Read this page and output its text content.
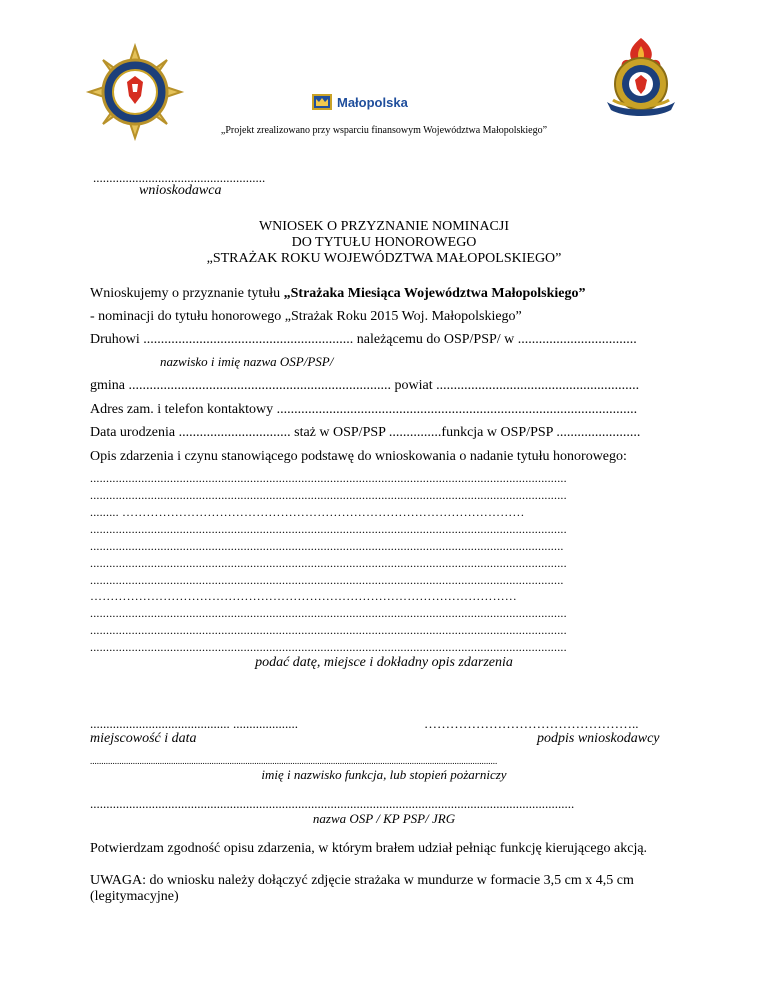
Małopolska
„Projekt zrealizowano przy wsparciu finansowym Województwa Małopolskiego”
.....................................................
wnioskodawca
WNIOSEK O PRZYZNANIE NOMINACJI
DO TYTUŁU HONOROWEGO
„STRAŻAK ROKU WOJEWÓDZTWA MAŁOPOLSKIEGO”
Wnioskujemy o przyznanie tytułu „Strażaka Miesiąca Województwa Małopolskiego”
- nominacji do tytułu honorowego „Strażak Roku 2015 Woj. Małopolskiego”
Druhowi ............................................................ należącemu do OSP/PSP/ w ..................................
nazwisko i imię nazwa OSP/PSP/
gmina ........................................................................... powiat ..........................................................
Adres zam. i telefon kontaktowy .......................................................................................................
Data urodzenia ................................ staż w OSP/PSP ...............funkcja w OSP/PSP ........................
Opis zdarzenia i czynu stanowiącego podstawę do wnioskowania o nadanie tytułu honorowego:
.....................................................................................................................................................
.....................................................................................................................................................
......... ………………………………………………………………………………………
.....................................................................................................................................................
....................................................................................................................................................
.....................................................................................................................................................
....................................................................................................................................................
……………………………………………………………………………………………
.....................................................................................................................................................
.....................................................................................................................................................
.....................................................................................................................................................
podać datę, miejsce i dokładny opis zdarzenia
........................................... ....................
miejscowość i data
…………………………………………..
podpis wnioskodawcy
.....................................................................................................................................................................................
imię i nazwisko funkcja, lub stopień pożarniczy
.....................................................................................................................................................
nazwa OSP / KP PSP/ JRG
Potwierdzam zgodność opisu zdarzenia, w którym brałem udział pełniąc funkcję kierującego akcją.
UWAGA: do wniosku należy dołączyć zdjęcie strażaka w mundurze w formacie 3,5 cm x 4,5 cm (legitymacyjne)
